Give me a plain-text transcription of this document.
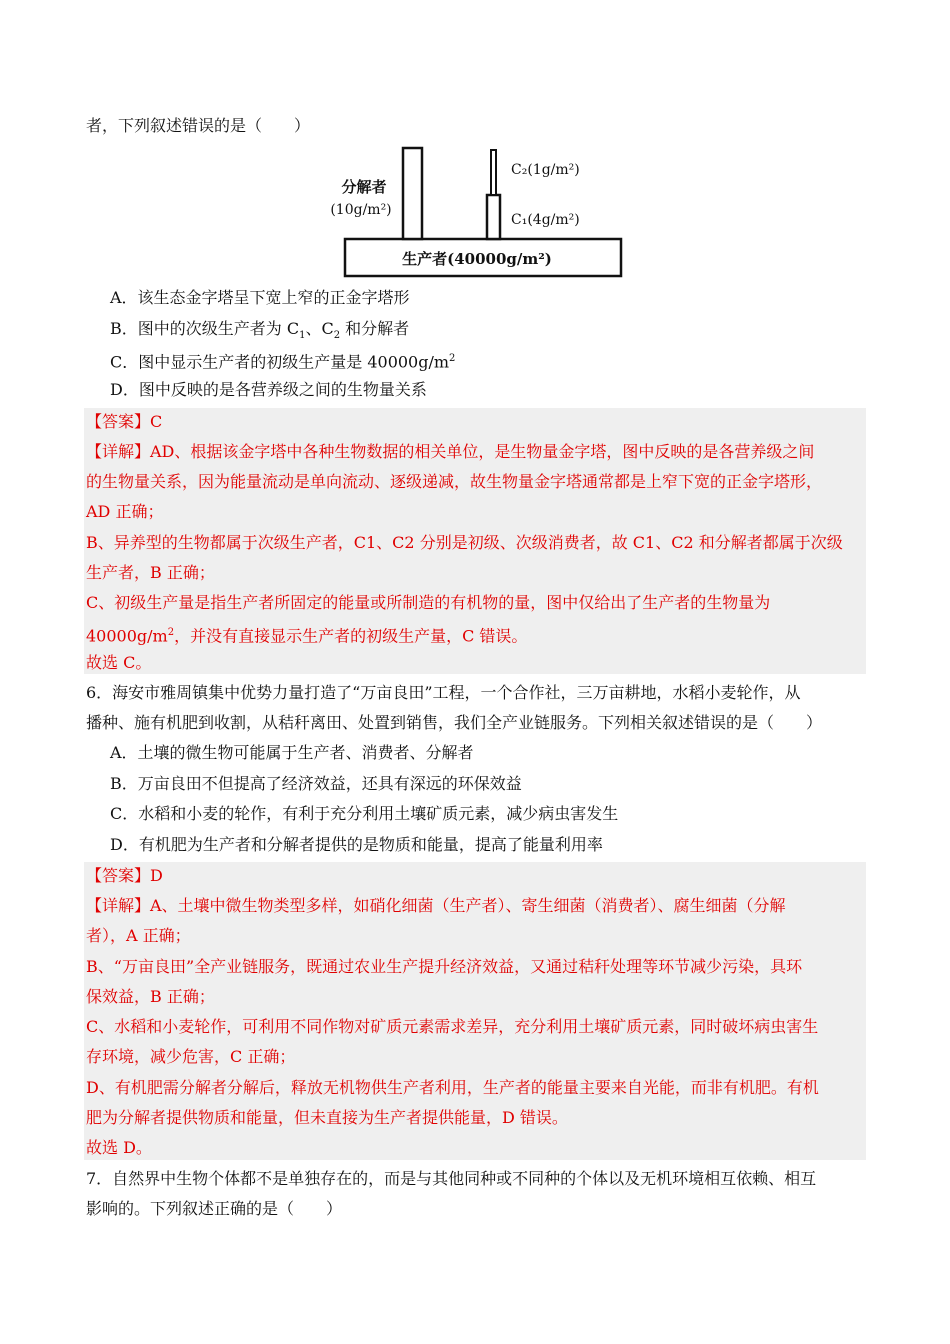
者，下列叙述错误的是（　　）
分解者
(10g/m²)
C₂(1g/m²)
C₁(4g/m²)
生产者(40000g/m²)
A．该生态金字塔呈下宽上窄的正金字塔形
B．图中的次级生产者为 $C_1$、$C_2$ 和分解者
C．图中显示生产者的初级生产量是 $40000g/m^2$
D．图中反映的是各营养级之间的生物量关系
【答案】C
【详解】AD、根据该金字塔中各种生物数据的相关单位，是生物量金字塔，图中反映的是各营养级之间
的生物量关系，因为能量流动是单向流动、逐级递减，故生物量金字塔通常都是上窄下宽的正金字塔形，
AD 正确；
B、异养型的生物都属于次级生产者，C1、C2 分别是初级、次级消费者，故 C1、C2 和分解者都属于次级
生产者，B 正确；
C、初级生产量是指生产者所固定的能量或所制造的有机物的量，图中仅给出了生产者的生物量为
$40000g/m^2$，并没有直接显示生产者的初级生产量，C 错误。
故选 C。
6．海安市雅周镇集中优势力量打造了“万亩良田”工程，一个合作社，三万亩耕地，水稻小麦轮作，从
播种、施有机肥到收割，从秸秆离田、处置到销售，我们全产业链服务。下列相关叙述错误的是（　　）
A．土壤的微生物可能属于生产者、消费者、分解者
B．万亩良田不但提高了经济效益，还具有深远的环保效益
C．水稻和小麦的轮作，有利于充分利用土壤矿质元素，减少病虫害发生
D．有机肥为生产者和分解者提供的是物质和能量，提高了能量利用率
【答案】D
【详解】A、土壤中微生物类型多样，如硝化细菌（生产者）、寄生细菌（消费者）、腐生细菌（分解
者），A 正确；
B、“万亩良田”全产业链服务，既通过农业生产提升经济效益，又通过秸秆处理等环节减少污染，具环
保效益，B 正确；
C、水稻和小麦轮作，可利用不同作物对矿质元素需求差异，充分利用土壤矿质元素，同时破坏病虫害生
存环境，减少危害，C 正确；
D、有机肥需分解者分解后，释放无机物供生产者利用，生产者的能量主要来自光能，而非有机肥。有机
肥为分解者提供物质和能量，但未直接为生产者提供能量，D 错误。
故选 D。
7．自然界中生物个体都不是单独存在的，而是与其他同种或不同种的个体以及无机环境相互依赖、相互
影响的。下列叙述正确的是（　　）
